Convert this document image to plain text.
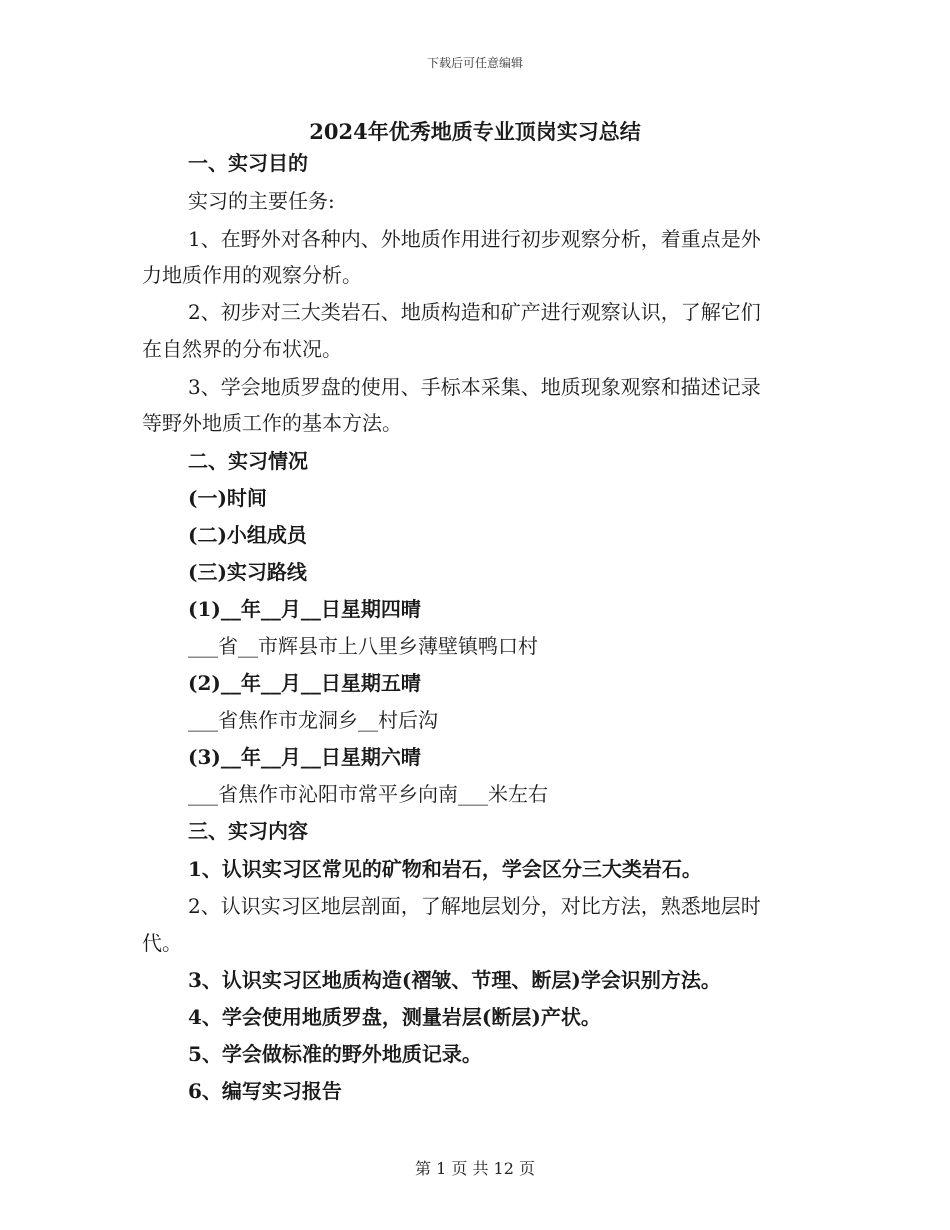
下载后可任意编辑
2024年优秀地质专业顶岗实习总结
一、实习目的
实习的主要任务:
1、在野外对各种内、外地质作用进行初步观察分析，着重点是外
力地质作用的观察分析。
2、初步对三大类岩石、地质构造和矿产进行观察认识，了解它们
在自然界的分布状况。
3、学会地质罗盘的使用、手标本采集、地质现象观察和描述记录
等野外地质工作的基本方法。
二、实习情况
(一)时间
(二)小组成员
(三)实习路线
(1)__年__月__日星期四晴
___省__市辉县市上八里乡薄壁镇鸭口村
(2)__年__月__日星期五晴
___省焦作市龙洞乡__村后沟
(3)__年__月__日星期六晴
___省焦作市沁阳市常平乡向南___米左右
三、实习内容
1、认识实习区常见的矿物和岩石，学会区分三大类岩石。
2、认识实习区地层剖面，了解地层划分，对比方法，熟悉地层时
代。
3、认识实习区地质构造(褶皱、节理、断层)学会识别方法。
4、学会使用地质罗盘，测量岩层(断层)产状。
5、学会做标准的野外地质记录。
6、编写实习报告
第 1 页 共 12 页
